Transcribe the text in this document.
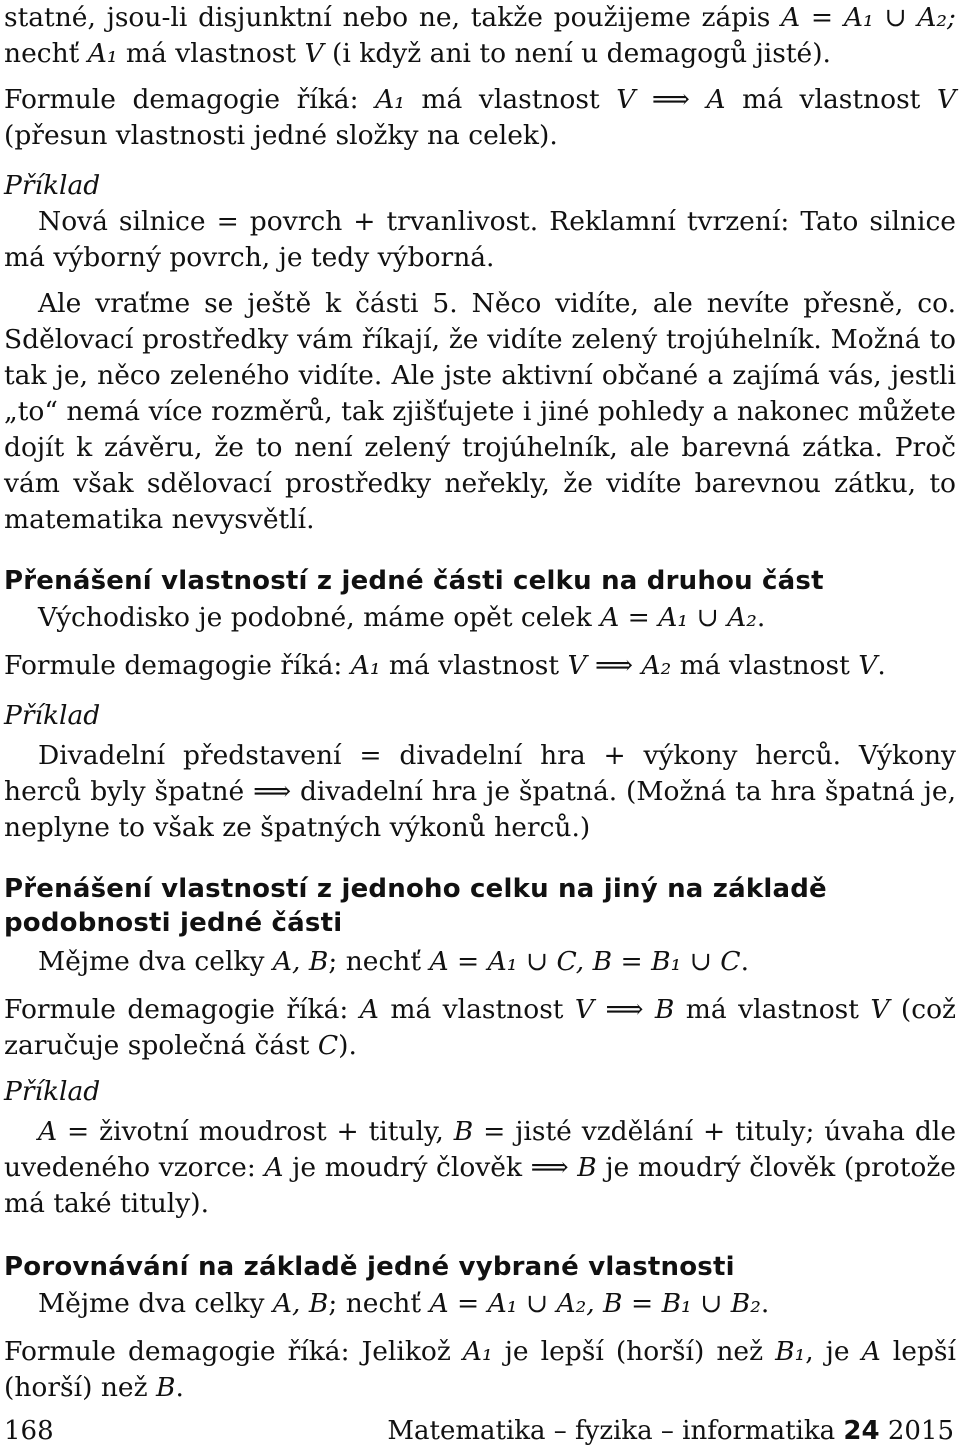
statné, jsou-li disjunktní nebo ne, takže použijeme zápis A = A₁ ∪ A₂; nechť A₁ má vlastnost V (i když ani to není u demagogů jisté).

Formule demagogie říká: A₁ má vlastnost V ⟹ A má vlastnost V (přesun vlastnosti jedné složky na celek).

Příklad

Nová silnice = povrch + trvanlivost. Reklamní tvrzení: Tato silnice má výborný povrch, je tedy výborná.

Ale vraťme se ještě k části 5. Něco vidíte, ale nevíte přesně, co. Sdělovací prostředky vám říkají, že vidíte zelený trojúhelník. Možná to tak je, něco zeleného vidíte. Ale jste aktivní občané a zajímá vás, jestli „to“ nemá více rozměrů, tak zjišťujete i jiné pohledy a nakonec můžete dojít k závěru, že to není zelený trojúhelník, ale barevná zátka. Proč vám však sdělovací prostředky neřekly, že vidíte barevnou zátku, to matematika nevysvětlí.

Přenášení vlastností z jedné části celku na druhou část

Východisko je podobné, máme opět celek A = A₁ ∪ A₂.

Formule demagogie říká: A₁ má vlastnost V ⟹ A₂ má vlastnost V.

Příklad

Divadelní představení = divadelní hra + výkony herců. Výkony herců byly špatné ⟹ divadelní hra je špatná. (Možná ta hra špatná je, neplyne to však ze špatných výkonů herců.)

Přenášení vlastností z jednoho celku na jiný na základě podobnosti jedné části

Mějme dva celky A, B; nechť A = A₁ ∪ C, B = B₁ ∪ C.

Formule demagogie říká: A má vlastnost V ⟹ B má vlastnost V (což zaručuje společná část C).

Příklad

A = životní moudrost + tituly, B = jisté vzdělání + tituly; úvaha dle uvedeného vzorce: A je moudrý člověk ⟹ B je moudrý člověk (protože má také tituly).

Porovnávání na základě jedné vybrané vlastnosti

Mějme dva celky A, B; nechť A = A₁ ∪ A₂, B = B₁ ∪ B₂.

Formule demagogie říká: Jelikož A₁ je lepší (horší) než B₁, je A lepší (horší) než B.

168	Matematika – fyzika – informatika 24 2015
